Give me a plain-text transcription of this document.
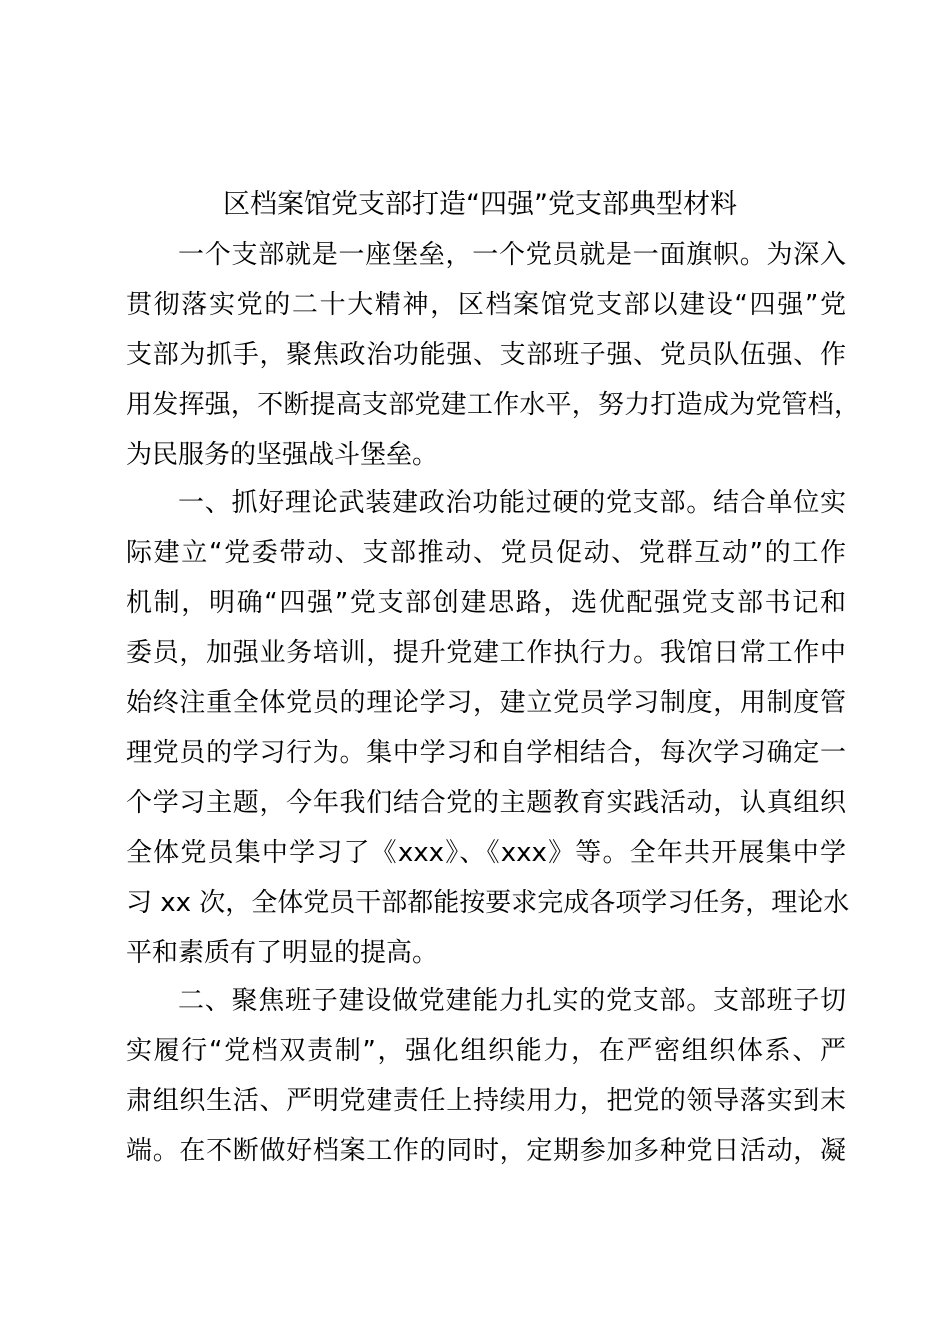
区档案馆党支部打造“四强”党支部典型材料
一个支部就是一座堡垒，一个党员就是一面旗帜。为深入
贯彻落实党的二十大精神，区档案馆党支部以建设“四强”党
支部为抓手，聚焦政治功能强、支部班子强、党员队伍强、作
用发挥强，不断提高支部党建工作水平，努力打造成为党管档，
为民服务的坚强战斗堡垒。
一、抓好理论武装建政治功能过硬的党支部。结合单位实
际建立“党委带动、支部推动、党员促动、党群互动”的工作
机制，明确“四强”党支部创建思路，选优配强党支部书记和
委员，加强业务培训，提升党建工作执行力。我馆日常工作中
始终注重全体党员的理论学习，建立党员学习制度，用制度管
理党员的学习行为。集中学习和自学相结合，每次学习确定一
个学习主题，今年我们结合党的主题教育实践活动，认真组织
全体党员集中学习了《xxx》、《xxx》等。全年共开展集中学
习 xx 次，全体党员干部都能按要求完成各项学习任务，理论水
平和素质有了明显的提高。
二、聚焦班子建设做党建能力扎实的党支部。支部班子切
实履行“党档双责制”，强化组织能力，在严密组织体系、严
肃组织生活、严明党建责任上持续用力，把党的领导落实到末
端。在不断做好档案工作的同时，定期参加多种党日活动，凝
